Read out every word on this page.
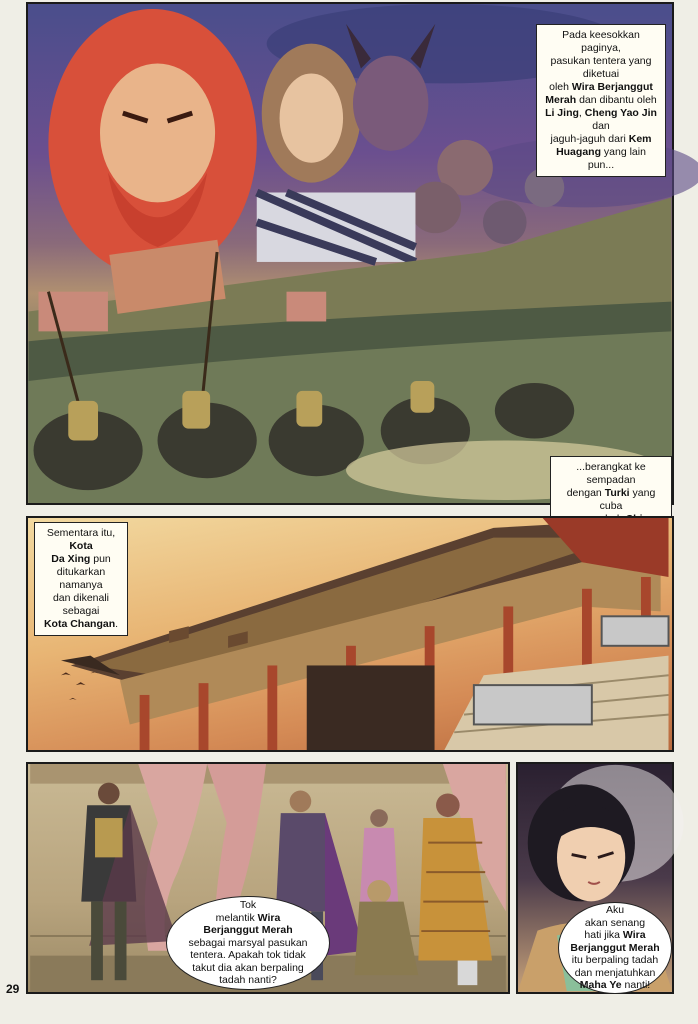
Pada keesokkan paginya,
pasukan tentera yang diketuai
oleh Wira Berjanggut
Merah dan dibantu oleh
Li Jing, Cheng Yao Jin dan
jaguh-jaguh dari Kem
Huagang yang lain pun...
...berangkat ke sempadan
dengan Turki yang cuba

Sementara itu, Kota
Da Xing pun
ditukarkan namanya
dan dikenali sebagai
Kota Changan.
Tok
melantik Wira
Berjanggut Merah
sebagai marsyal pasukan
tentera. Apakah tok tidak
takut dia akan berpaling
tadah nanti?
Aku
akan senang
hati jika Wira
Berjanggut Merah
itu berpaling tadah
dan menjatuhkan
Maha Ye nanti!
29
